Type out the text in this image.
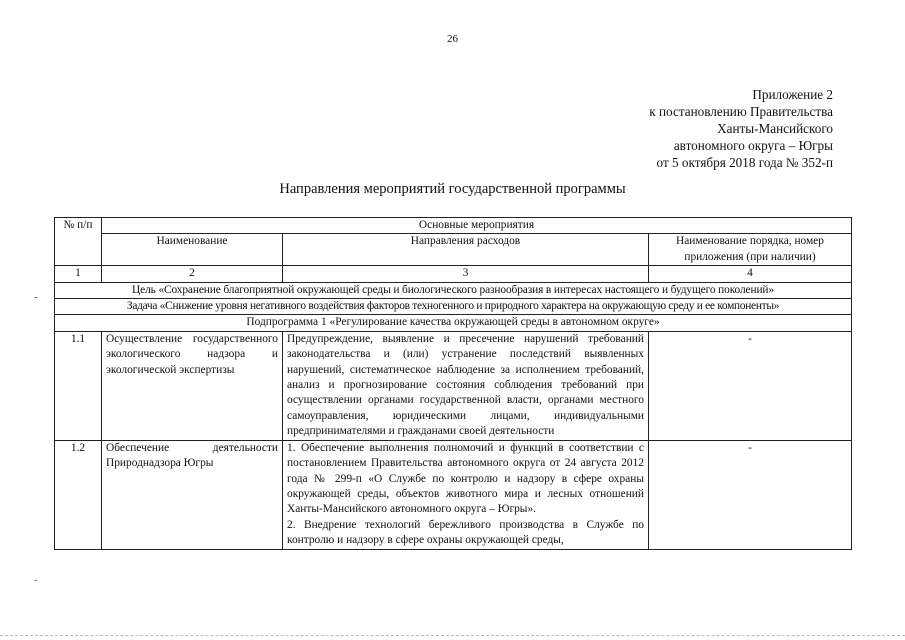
26
Приложение 2
к постановлению Правительства
Ханты-Мансийского
автономного округа – Югры
от 5 октября 2018 года № 352-п
Направления мероприятий государственной программы
№ п/п	Основные мероприятия		
	Наименование	Направления расходов	Наименование порядка, номер приложения (при наличии)
1	2	3	4
Цель «Сохранение благоприятной окружающей среды и биологического разнообразия в интересах настоящего и будущего поколений»			
Задача «Снижение уровня негативного воздействия факторов техногенного и природного характера на окружающую среду и ее компоненты»			
Подпрограмма 1 «Регулирование качества окружающей среды в автономном округе»			
1.1	Осуществление государственного экологического надзора и экологической экспертизы	Предупреждение, выявление и пресечение нарушений требований законодательства и (или) устранение последствий выявленных нарушений, систематическое наблюдение за исполнением требований, анализ и прогнозирование состояния соблюдения требований при осуществлении органами государственной власти, органами местного самоуправления, юридическими лицами, индивидуальными предпринимателями и гражданами своей деятельности	-
1.2	Обеспечение деятельности Природнадзора Югры	1. Обеспечение выполнения полномочий и функций в соответствии с постановлением Правительства автономного округа от 24 августа 2012 года № 299-п «О Службе по контролю и надзору в сфере охраны окружающей среды, объектов животного мира и лесных отношений Ханты-Мансийского автономного округа – Югры».
2. Внедрение технологий бережливого производства в Службе по контролю и надзору в сфере охраны окружающей среды,	-
-
-
